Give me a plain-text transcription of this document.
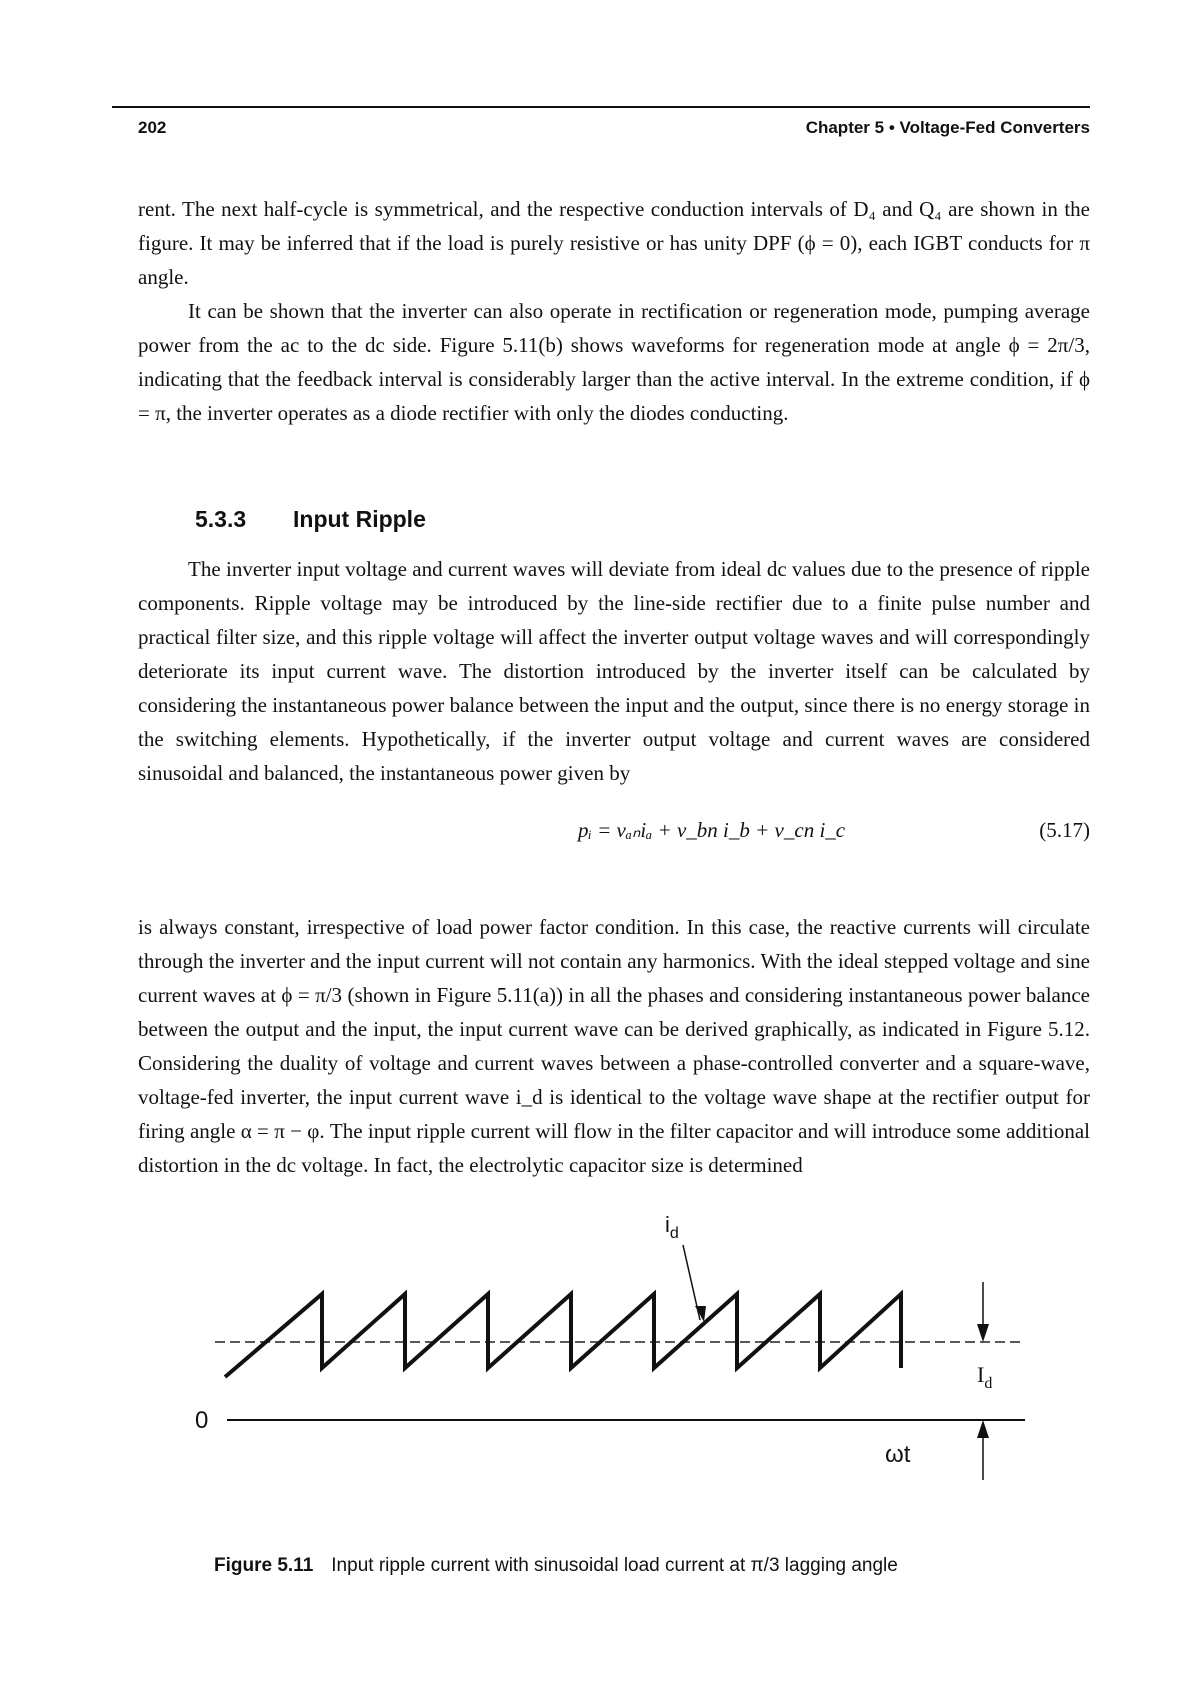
202	Chapter 5 • Voltage-Fed Converters

rent. The next half-cycle is symmetrical, and the respective conduction intervals of D₄ and Q₄ are shown in the figure. It may be inferred that if the load is purely resistive or has unity DPF (ϕ = 0), each IGBT conducts for π angle.

It can be shown that the inverter can also operate in rectification or regeneration mode, pumping average power from the ac to the dc side. Figure 5.11(b) shows waveforms for regeneration mode at angle ϕ = 2π/3, indicating that the feedback interval is considerably larger than the active interval. In the extreme condition, if ϕ = π, the inverter operates as a diode rectifier with only the diodes conducting.

5.3.3 Input Ripple

The inverter input voltage and current waves will deviate from ideal dc values due to the presence of ripple components. Ripple voltage may be introduced by the line-side rectifier due to a finite pulse number and practical filter size, and this ripple voltage will affect the inverter output voltage waves and will correspondingly deteriorate its input current wave. The distortion introduced by the inverter itself can be calculated by considering the instantaneous power balance between the input and the output, since there is no energy storage in the switching elements. Hypothetically, if the inverter output voltage and current waves are considered sinusoidal and balanced, the instantaneous power given by

pᵢ = vₐₙiₐ + v_bn i_b + v_cn i_c	(5.17)

is always constant, irrespective of load power factor condition. In this case, the reactive currents will circulate through the inverter and the input current will not contain any harmonics. With the ideal stepped voltage and sine current waves at ϕ = π/3 (shown in Figure 5.11(a)) in all the phases and considering instantaneous power balance between the output and the input, the input current wave can be derived graphically, as indicated in Figure 5.12. Considering the duality of voltage and current waves between a phase-controlled converter and a square-wave, voltage-fed inverter, the input current wave i_d is identical to the voltage wave shape at the rectifier output for firing angle α = π − φ. The input ripple current will flow in the filter capacitor and will introduce some additional distortion in the dc voltage. In fact, the electrolytic capacitor size is determined

$i_d$
$I_d$
0
ωt
Figure 5.11 Input ripple current with sinusoidal load current at π/3 lagging angle
